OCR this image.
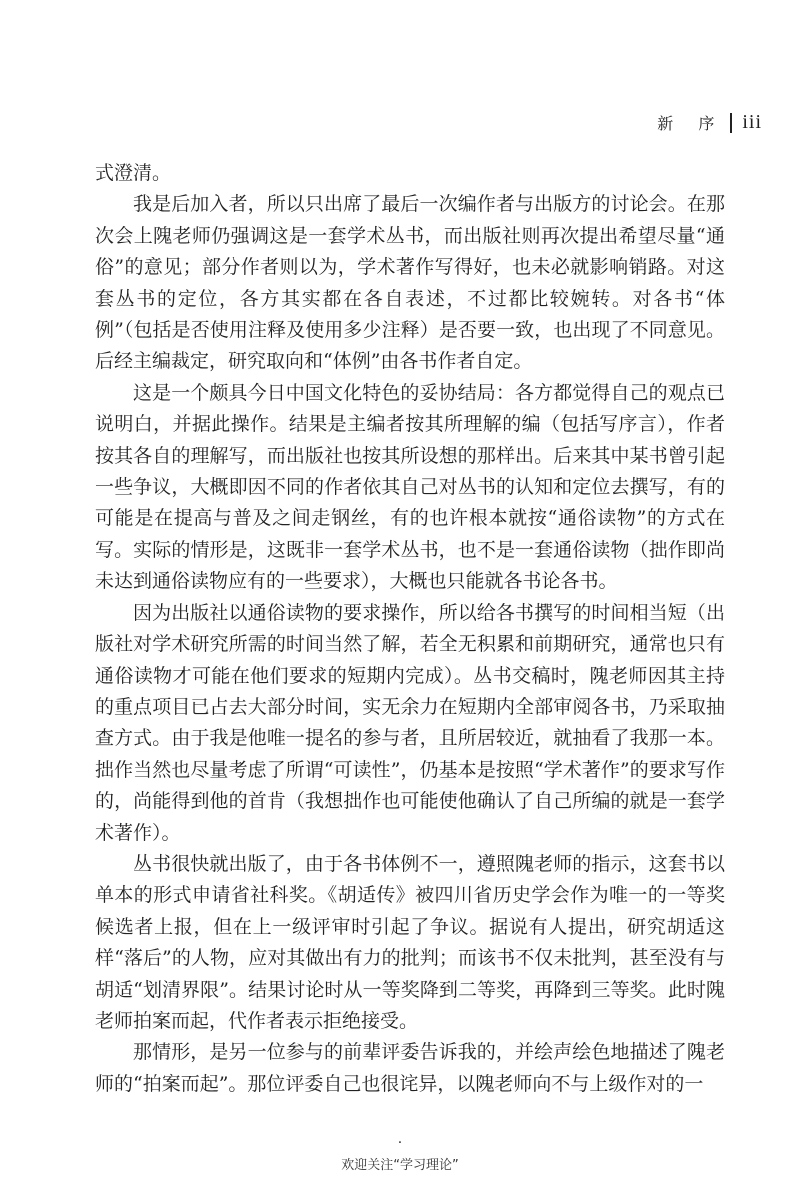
新 序 iii

式澄清。

我是后加入者，所以只出席了最后一次编作者与出版方的讨论会。在那次会上隗老师仍强调这是一套学术丛书，而出版社则再次提出希望尽量“通俗”的意见；部分作者则以为，学术著作写得好，也未必就影响销路。对这套丛书的定位，各方其实都在各自表述，不过都比较婉转。对各书“体例”（包括是否使用注释及使用多少注释）是否要一致，也出现了不同意见。后经主编裁定，研究取向和“体例”由各书作者自定。

这是一个颇具今日中国文化特色的妥协结局：各方都觉得自己的观点已说明白，并据此操作。结果是主编者按其所理解的编（包括写序言），作者按其各自的理解写，而出版社也按其所设想的那样出。后来其中某书曾引起一些争议，大概即因不同的作者依其自己对丛书的认知和定位去撰写，有的可能是在提高与普及之间走钢丝，有的也许根本就按“通俗读物”的方式在写。实际的情形是，这既非一套学术丛书，也不是一套通俗读物（拙作即尚未达到通俗读物应有的一些要求），大概也只能就各书论各书。

因为出版社以通俗读物的要求操作，所以给各书撰写的时间相当短（出版社对学术研究所需的时间当然了解，若全无积累和前期研究，通常也只有通俗读物才可能在他们要求的短期内完成）。丛书交稿时，隗老师因其主持的重点项目已占去大部分时间，实无余力在短期内全部审阅各书，乃采取抽查方式。由于我是他唯一提名的参与者，且所居较近，就抽看了我那一本。拙作当然也尽量考虑了所谓“可读性”，仍基本是按照“学术著作”的要求写作的，尚能得到他的首肯（我想拙作也可能使他确认了自己所编的就是一套学术著作）。

丛书很快就出版了，由于各书体例不一，遵照隗老师的指示，这套书以单本的形式申请省社科奖。《胡适传》被四川省历史学会作为唯一的一等奖候选者上报，但在上一级评审时引起了争议。据说有人提出，研究胡适这样“落后”的人物，应对其做出有力的批判；而该书不仅未批判，甚至没有与胡适“划清界限”。结果讨论时从一等奖降到二等奖，再降到三等奖。此时隗老师拍案而起，代作者表示拒绝接受。

那情形，是另一位参与的前辈评委告诉我的，并绘声绘色地描述了隗老师的“拍案而起”。那位评委自己也很诧异，以隗老师向不与上级作对的一

·
欢迎关注“学习理论”
